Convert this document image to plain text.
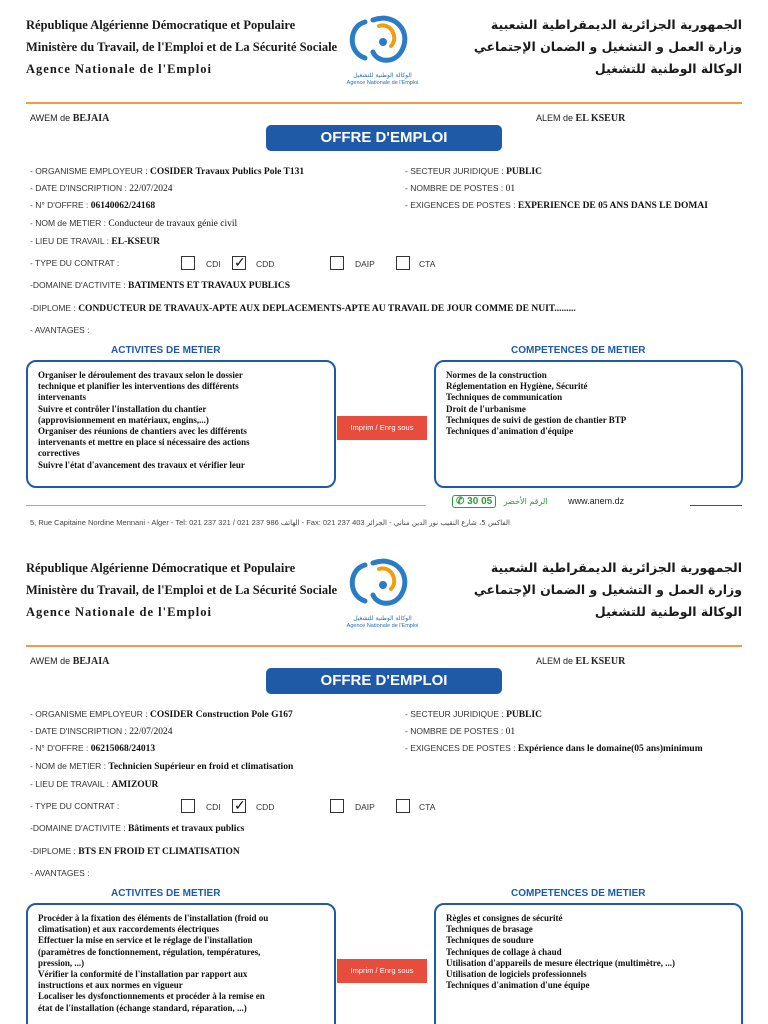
République Algérienne Démocratique et Populaire
Ministère du Travail, de l'Emploi et de La Sécurité Sociale
Agence Nationale de l'Emploi	الوكالة الوطنية للتشغيل
Agence Nationale de l'Emploi
الجمهورية الجزائرية الديمقراطية الشعبية
وزارة العمل و التشغيل و الضمان الإجتماعي
الوكالة الوطنية للتشغيل
AWEM de BEJAIA	ALEM de EL KSEUR
OFFRE D'EMPLOI
- ORGANISME EMPLOYEUR : COSIDER Travaux Publics Pole T131
- DATE D'INSCRIPTION : 22/07/2024
- N° D'OFFRE : 06140062/24168
- NOM de METIER : Conducteur de travaux génie civil
- LIEU DE TRAVAIL : EL-KSEUR
- SECTEUR JURIDIQUE : PUBLIC
- NOMBRE DE POSTES : 01
- EXIGENCES DE POSTES : EXPERIENCE DE 05 ANS DANS LE DOMAI
- TYPE DU CONTRAT :	CDI ✓ CDD	DAIP	CTA
-DOMAINE D'ACTIVITE : BATIMENTS ET TRAVAUX PUBLICS
-DIPLOME : CONDUCTEUR DE TRAVAUX-APTE AUX DEPLACEMENTS-APTE AU TRAVAIL DE JOUR COMME DE NUIT.........
- AVANTAGES :
ACTIVITES DE METIER	COMPETENCES DE METIER
Organiser le déroulement des travaux selon le dossier
technique et planifier les interventions des différents
intervenants
Suivre et contrôler l'installation du chantier
(approvisionnement en matériaux, engins,...)
Organiser des réunions de chantiers avec les différents
intervenants et mettre en place si nécessaire des actions
correctives
Suivre l'état d'avancement des travaux et vérifier leur
Imprim / Enrg sous
Normes de la construction
Réglementation en Hygiène, Sécurité
Techniques de communication
Droit de l'urbanisme
Techniques de suivi de gestion de chantier BTP
Techniques d'animation d'équipe
✆ 30 05 الرقم الأخضر www.anem.dz
5, Rue Capitaine Nordine Mennani - Alger - Tel: 021 237 321 / 021 237 986 الهاتف - Fax: 021 237 403 الفاكس 5، شارع النقيب نور الدين مناني - الجزائر
République Algérienne Démocratique et Populaire
Ministère du Travail, de l'Emploi et de La Sécurité Sociale
Agence Nationale de l'Emploi	الوكالة الوطنية للتشغيل
Agence Nationale de l'Emploi
الجمهورية الجزائرية الديمقراطية الشعبية
وزارة العمل و التشغيل و الضمان الإجتماعي
الوكالة الوطنية للتشغيل
AWEM de BEJAIA	ALEM de EL KSEUR
OFFRE D'EMPLOI
- ORGANISME EMPLOYEUR : COSIDER Construction Pole G167
- DATE D'INSCRIPTION : 22/07/2024
- N° D'OFFRE : 06215068/24013
- NOM de METIER : Technicien Supérieur en froid et climatisation
- LIEU DE TRAVAIL : AMIZOUR
- SECTEUR JURIDIQUE : PUBLIC
- NOMBRE DE POSTES : 01
- EXIGENCES DE POSTES : Expérience dans le domaine(05 ans)minimum
- TYPE DU CONTRAT :	CDI ✓ CDD	DAIP	CTA
-DOMAINE D'ACTIVITE : Bâtiments et travaux publics
-DIPLOME : BTS EN FROID ET CLIMATISATION
- AVANTAGES :
ACTIVITES DE METIER	COMPETENCES DE METIER
Procéder à la fixation des éléments de l'installation (froid ou
climatisation) et aux raccordements électriques
Effectuer la mise en service et le réglage de l'installation
(paramètres de fonctionnement, régulation, températures,
pression, ...)
Vérifier la conformité de l'installation par rapport aux
instructions et aux normes en vigueur
Localiser les dysfonctionnements et procéder à la remise en
état de l'installation (échange standard, réparation, ...)
Imprim / Enrg sous
Règles et consignes de sécurité
Techniques de brasage
Techniques de soudure
Techniques de collage à chaud
Utilisation d'appareils de mesure électrique (multimètre, ...)
Utilisation de logiciels professionnels
Techniques d'animation d'une équipe
